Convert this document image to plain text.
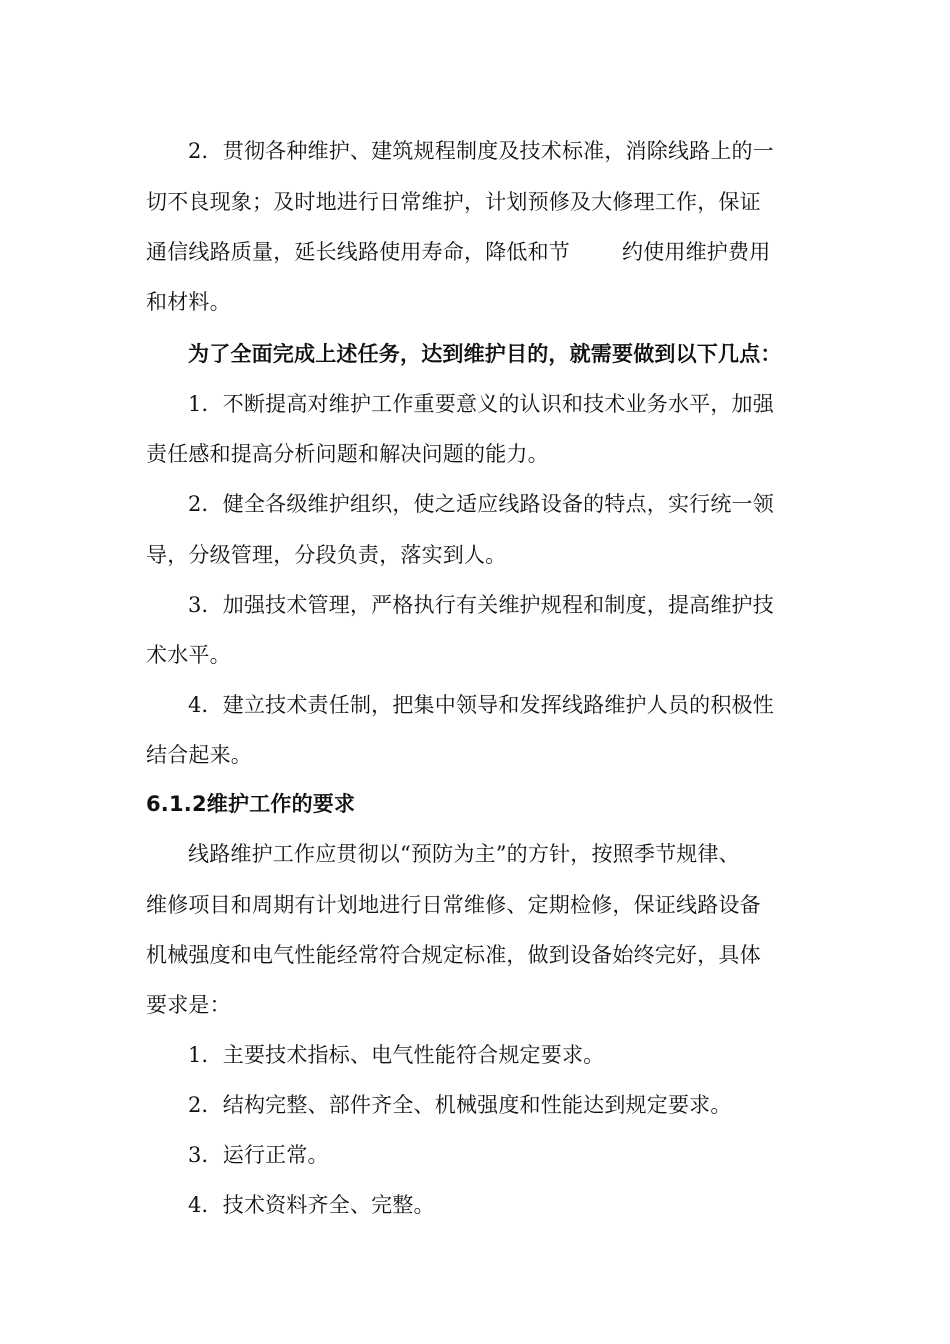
2．贯彻各种维护、建筑规程制度及技术标准，消除线路上的一
切不良现象；及时地进行日常维护，计划预修及大修理工作，保证
通信线路质量，延长线路使用寿命，降低和节 约使用维护费用
和材料。
为了全面完成上述任务，达到维护目的，就需要做到以下几点：
1．不断提高对维护工作重要意义的认识和技术业务水平，加强
责任感和提高分析问题和解决问题的能力。
2．健全各级维护组织，使之适应线路设备的特点，实行统一领
导，分级管理，分段负责，落实到人。
3．加强技术管理，严格执行有关维护规程和制度，提高维护技
术水平。
4．建立技术责任制，把集中领导和发挥线路维护人员的积极性
结合起来。
6.1.2维护工作的要求
线路维护工作应贯彻以“预防为主”的方针，按照季节规律、
维修项目和周期有计划地进行日常维修、定期检修，保证线路设备
机械强度和电气性能经常符合规定标准，做到设备始终完好，具体
要求是：
1．主要技术指标、电气性能符合规定要求。
2．结构完整、部件齐全、机械强度和性能达到规定要求。
3．运行正常。
4．技术资料齐全、完整。
